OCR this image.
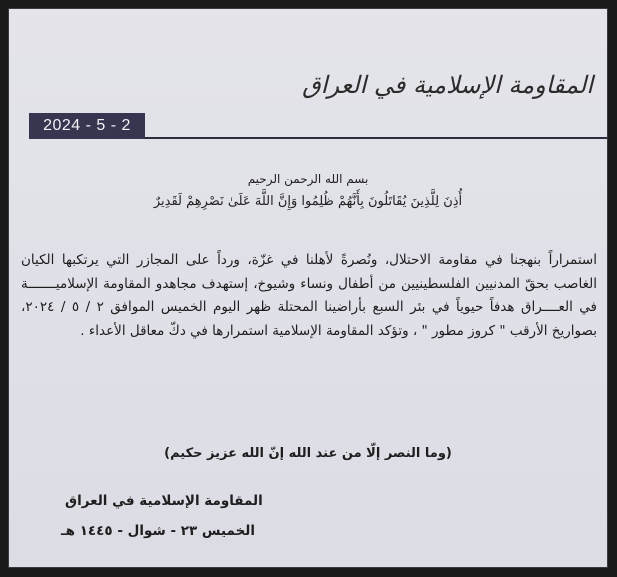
المقاومة الإسلامية في العراق
2024 - 5 - 2
بسم الله الرحمن الرحيم
أُذِنَ لِلَّذِينَ يُقَاتَلُونَ بِأَنَّهُمْ ظُلِمُوا وَإِنَّ اللَّهَ عَلَىٰ نَصْرِهِمْ لَقَدِيرٌ
استمراراً بنهجنا في مقاومة الاحتلال، ونُصرةً لأهلنا في غزّة، ورداً على المجازر التي يرتكبها الكيان الغاصب بحقّ المدنيين الفلسطينيين من أطفال ونساء وشيوخ، إستهدف مجاهدو المقاومة الإسلاميـــــــة في العــــراق هدفاً حيوياً في بئر السبع بأراضينا المحتلة ظهر اليوم الخميس الموافق ٢ / ٥ / ٢٠٢٤، بصواريخ الأرقب " كروز مطور " ، وتؤكد المقاومة الإسلامية استمرارها في دكّ معاقل الأعداء .
(وما النصر إلّا من عند الله إنّ الله عزيز حكيم)
المقاومة الإسلامية في العراق
الخميس ٢٣ - شوال - ١٤٤٥ هـ
